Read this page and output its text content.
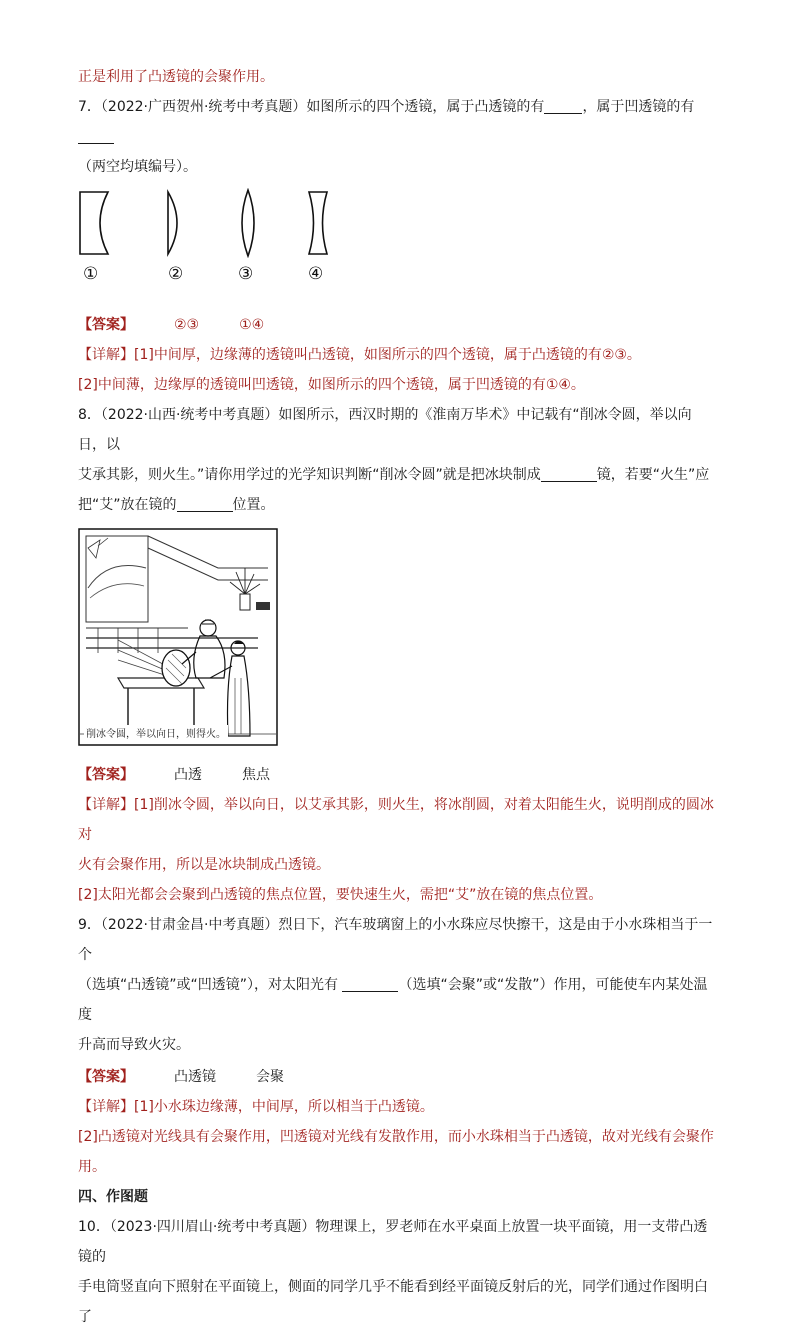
正是利用了凸透镜的会聚作用。

7．（2022·广西贺州·统考中考真题）如图所示的四个透镜，属于凸透镜的有	，属于凹透镜的有

（两空均填编号）。

①	②	③	④

【答案】	②③	①④

【详解】[1]中间厚，边缘薄的透镜叫凸透镜，如图所示的四个透镜，属于凸透镜的有②③。

[2]中间薄，边缘厚的透镜叫凹透镜，如图所示的四个透镜，属于凹透镜的有①④。

8．（2022·山西·统考中考真题）如图所示，西汉时期的《淮南万毕术》中记载有“削冰令圆，举以向日，以

艾承其影，则火生。”请你用学过的光学知识判断“削冰令圆”就是把冰块制成	镜，若要“火生”应

把“艾”放在镜的	位置。

削冰令圆，举以向日，则得火。

【答案】	凸透	焦点

【详解】[1]削冰令圆，举以向日，以艾承其影，则火生，将冰削圆，对着太阳能生火，说明削成的圆冰对

火有会聚作用，所以是冰块制成凸透镜。

[2]太阳光都会会聚到凸透镜的焦点位置，要快速生火，需把“艾”放在镜的焦点位置。

9．（2022·甘肃金昌·中考真题）烈日下，汽车玻璃窗上的小水珠应尽快擦干，这是由于小水珠相当于一个

（选填“凸透镜”或“凹透镜”），对太阳光有	（选填“会聚”或“发散”）作用，可能使车内某处温度

升高而导致火灾。

【答案】	凸透镜	会聚

【详解】[1]小水珠边缘薄，中间厚，所以相当于凸透镜。

[2]凸透镜对光线具有会聚作用，凹透镜对光线有发散作用，而小水珠相当于凸透镜，故对光线有会聚作用。

四、作图题

10．（2023·四川眉山·统考中考真题）物理课上，罗老师在水平桌面上放置一块平面镜，用一支带凸透镜的

手电筒竖直向下照射在平面镜上，侧面的同学几乎不能看到经平面镜反射后的光，同学们通过作图明白了
